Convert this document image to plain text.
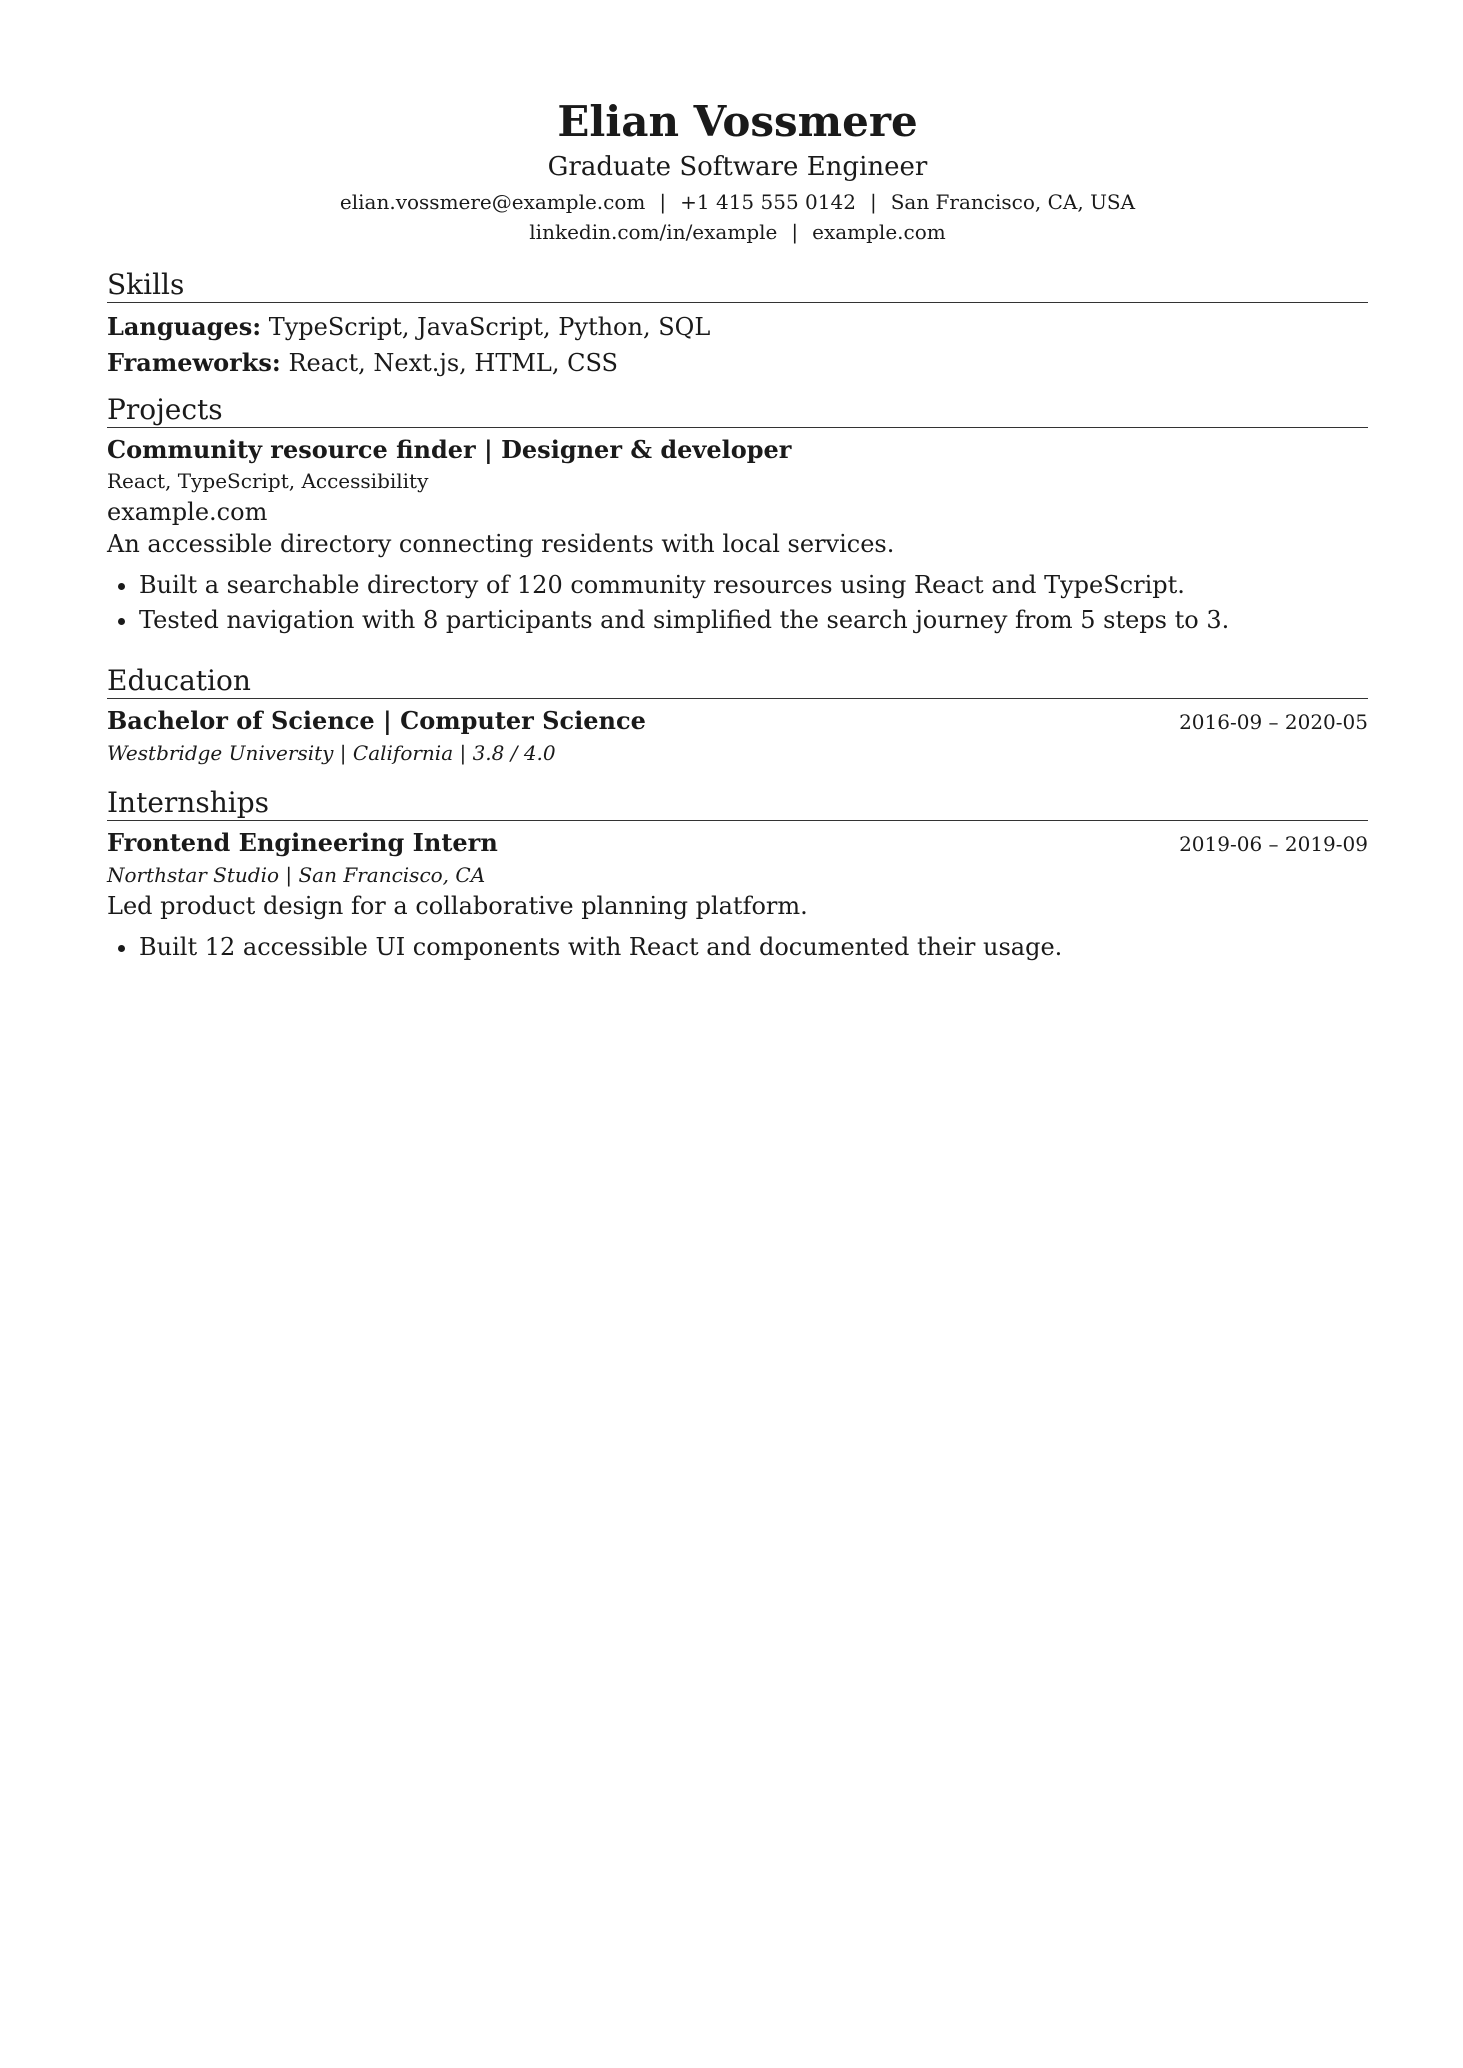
Elian Vossmere
Graduate Software Engineer
elian.vossmere@example.com | +1 415 555 0142 | San Francisco, CA, USA
linkedin.com/in/example | example.com
Skills
Languages: TypeScript, JavaScript, Python, SQL
Frameworks: React, Next.js, HTML, CSS
Projects
Community resource finder | Designer & developer
React, TypeScript, Accessibility
example.com
An accessible directory connecting residents with local services.
• Built a searchable directory of 120 community resources using React and TypeScript.
• Tested navigation with 8 participants and simplified the search journey from 5 steps to 3.
Education
Bachelor of Science | Computer Science	2016-09 – 2020-05
Westbridge University | California | 3.8 / 4.0
Internships
Frontend Engineering Intern	2019-06 – 2019-09
Northstar Studio | San Francisco, CA
Led product design for a collaborative planning platform.
• Built 12 accessible UI components with React and documented their usage.
